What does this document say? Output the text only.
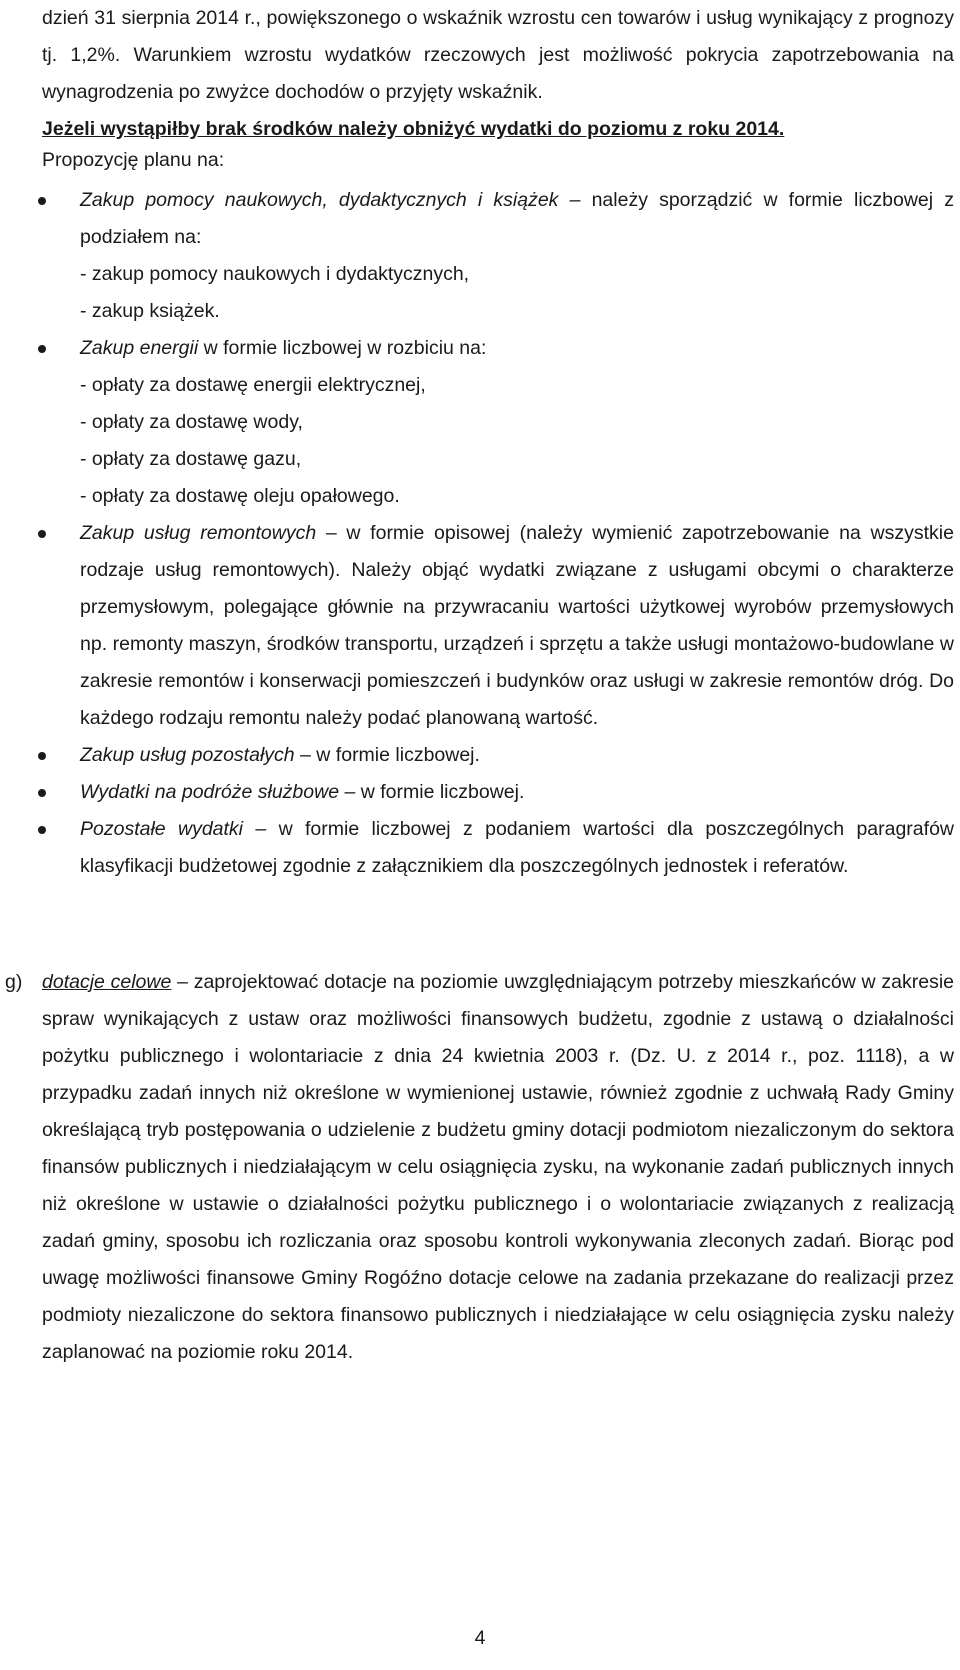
dzień 31 sierpnia 2014 r., powiększonego o wskaźnik wzrostu cen towarów i usług wynikający z prognozy tj. 1,2%. Warunkiem wzrostu wydatków rzeczowych jest możliwość pokrycia zapotrzebowania na wynagrodzenia po zwyżce dochodów o przyjęty wskaźnik.

Jeżeli wystąpiłby brak środków należy obniżyć wydatki do poziomu z roku 2014.

Propozycję planu na:

Zakup pomocy naukowych, dydaktycznych i książek – należy sporządzić w formie liczbowej z podziałem na:
- zakup pomocy naukowych i dydaktycznych,
- zakup książek.
Zakup energii w formie liczbowej w rozbiciu na:
- opłaty za dostawę energii elektrycznej,
- opłaty za dostawę wody,
- opłaty za dostawę gazu,
- opłaty za dostawę oleju opałowego.
Zakup usług remontowych – w formie opisowej (należy wymienić zapotrzebowanie na wszystkie rodzaje usług remontowych). Należy objąć wydatki związane z usługami obcymi o charakterze przemysłowym, polegające głównie na przywracaniu wartości użytkowej wyrobów przemysłowych np. remonty maszyn, środków transportu, urządzeń i sprzętu a także usługi montażowo-budowlane w zakresie remontów i konserwacji pomieszczeń i budynków oraz usługi w zakresie remontów dróg. Do każdego rodzaju remontu należy podać planowaną wartość.
Zakup usług pozostałych – w formie liczbowej.
Wydatki na podróże służbowe – w formie liczbowej.
Pozostałe wydatki – w formie liczbowej z podaniem wartości dla poszczególnych paragrafów klasyfikacji budżetowej zgodnie z załącznikiem dla poszczególnych jednostek i referatów.
g) dotacje celowe – zaprojektować dotacje na poziomie uwzględniającym potrzeby mieszkańców w zakresie spraw wynikających z ustaw oraz możliwości finansowych budżetu, zgodnie z ustawą o działalności pożytku publicznego i wolontariacie z dnia 24 kwietnia 2003 r. (Dz. U. z 2014 r., poz. 1118), a w przypadku zadań innych niż określone w wymienionej ustawie, również zgodnie z uchwałą Rady Gminy określającą tryb postępowania o udzielenie z budżetu gminy dotacji podmiotom niezaliczonym do sektora finansów publicznych i niedziałającym w celu osiągnięcia zysku, na wykonanie zadań publicznych innych niż określone w ustawie o działalności pożytku publicznego i o wolontariacie związanych z realizacją zadań gminy, sposobu ich rozliczania oraz sposobu kontroli wykonywania zleconych zadań. Biorąc pod uwagę możliwości finansowe Gminy Rogóźno dotacje celowe na zadania przekazane do realizacji przez podmioty niezaliczone do sektora finansowo publicznych i niedziałające w celu osiągnięcia zysku należy zaplanować na poziomie roku 2014.
4
